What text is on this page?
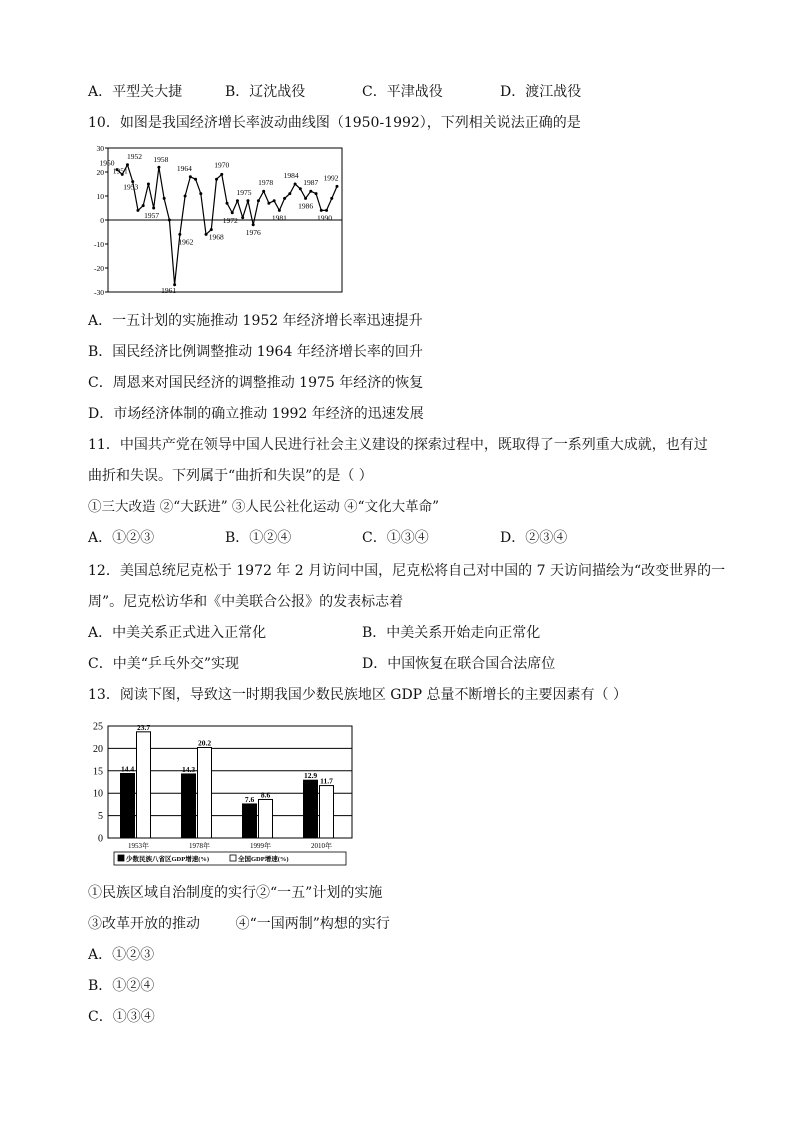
A．平型关大捷	B．辽沈战役	C．平津战役	D．渡江战役
10．如图是我国经济增长率波动曲线图（1950-1992），下列相关说法正确的是
30
20
10
0
-10
-20
-30
1950
1951
1952
1953
1957
1958
1961
1962
1964
1968
1970
1972
1975
1976
1978
1981
1984
1986
1987
1990
1992
A．一五计划的实施推动 1952 年经济增长率迅速提升
B．国民经济比例调整推动 1964 年经济增长率的回升
C．周恩来对国民经济的调整推动 1975 年经济的恢复
D．市场经济体制的确立推动 1992 年经济的迅速发展
11．中国共产党在领导中国人民进行社会主义建设的探索过程中，既取得了一系列重大成就，也有过
曲折和失误。下列属于“曲折和失误”的是（ ）
①三大改造 ②“大跃进” ③人民公社化运动 ④“文化大革命”
A．①②③	B．①②④	C．①③④	D．②③④
12．美国总统尼克松于 1972 年 2 月访问中国，尼克松将自己对中国的 7 天访问描绘为“改变世界的一
周”。尼克松访华和《中美联合公报》的发表标志着
A．中美关系正式进入正常化	B．中美关系开始走向正常化
C．中美“乒乓外交”实现	D．中国恢复在联合国合法席位
13．阅读下图，导致这一时期我国少数民族地区 GDP 总量不断增长的主要因素有（ ）
0
5
10
15
20
25
14.4
23.7
1953年
14.3
20.2
1978年
7.6 8.6
1999年
12.9
11.7
2010年
少数民族八省区GDP增速(%)	全国GDP增速(%)
①民族区域自治制度的实行②“一五”计划的实施
③改革开放的推动        ④“一国两制”构想的实行
A．①②③
B．①②④
C．①③④
